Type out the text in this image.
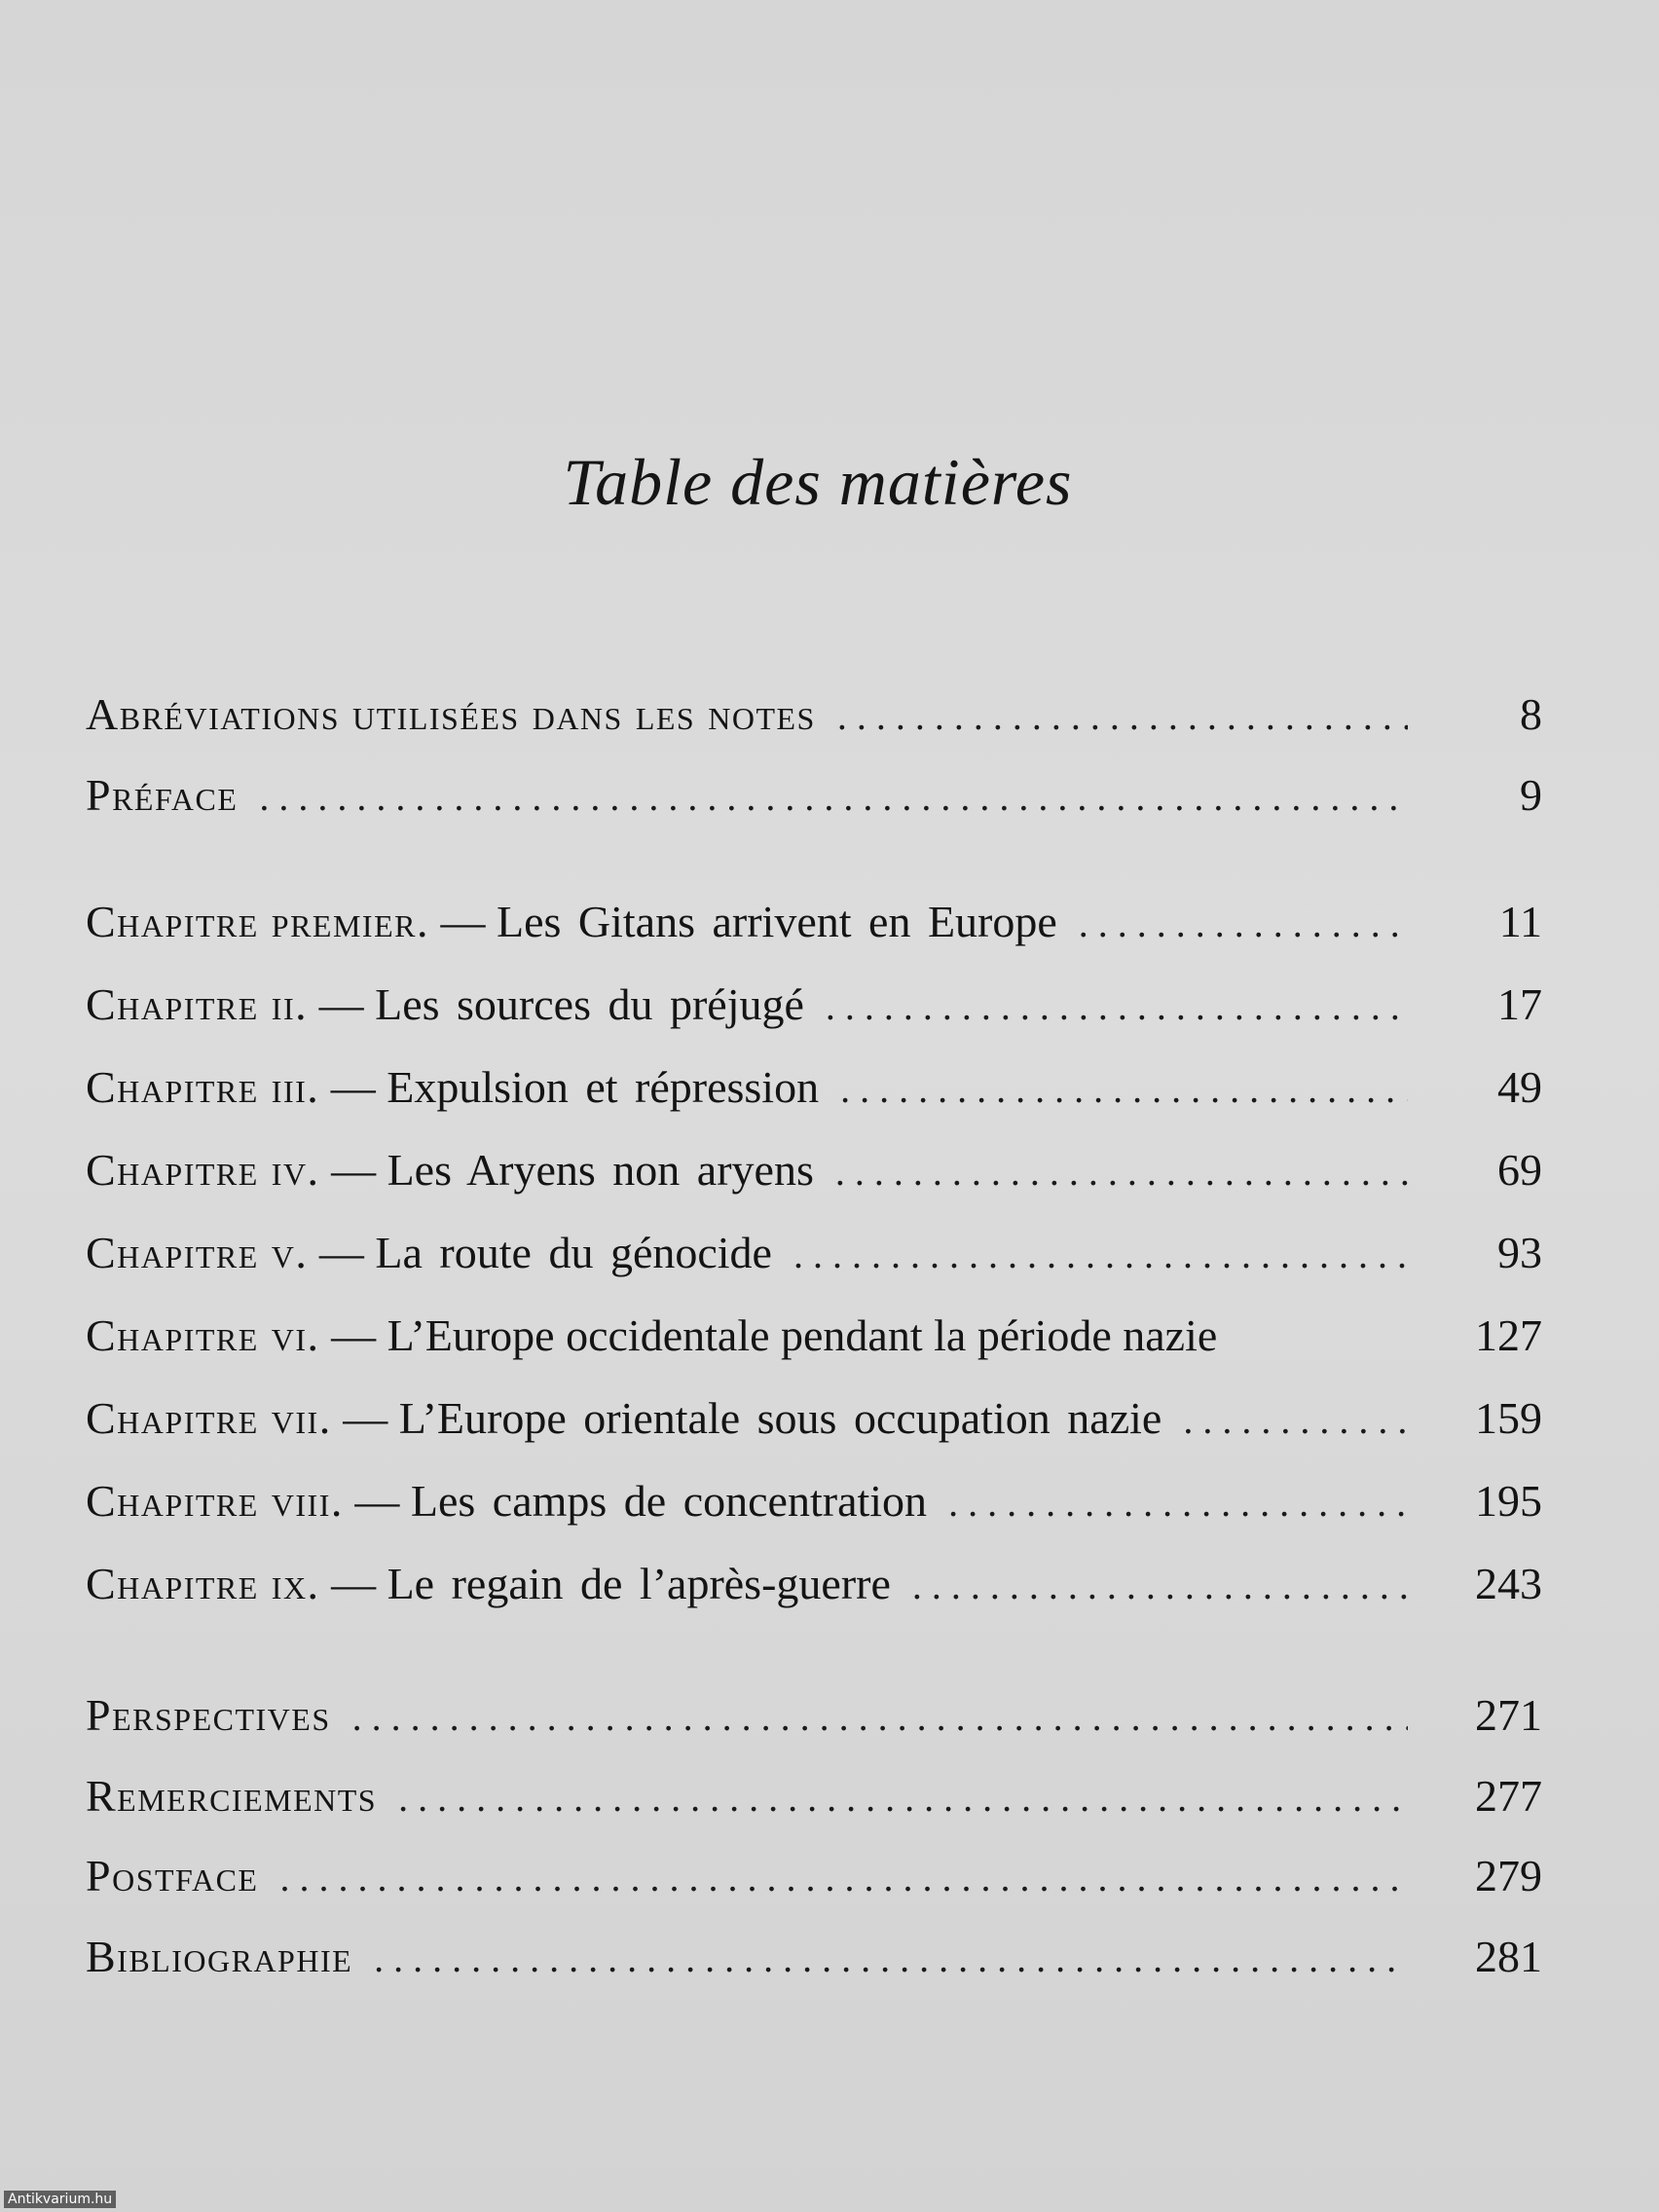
Table des matières
Abréviations utilisées dans les notes . . .	8
Préface . . .	9
Chapitre premier. — Les Gitans arrivent en Europe . . .	11
Chapitre ii. — Les sources du préjugé . . .	17
Chapitre iii. — Expulsion et répression . . .	49
Chapitre iv. — Les Aryens non aryens . . .	69
Chapitre v. — La route du génocide . . .	93
Chapitre vi. — L’Europe occidentale pendant la période nazie	127
Chapitre vii. — L’Europe orientale sous occupation nazie . . .	159
Chapitre viii. — Les camps de concentration . . .	195
Chapitre ix. — Le regain de l’après-guerre . . .	243
Perspectives . . .	271
Remerciements . . .	277
Postface . . .	279
Bibliographie . . .	281
Antikvarium.hu
